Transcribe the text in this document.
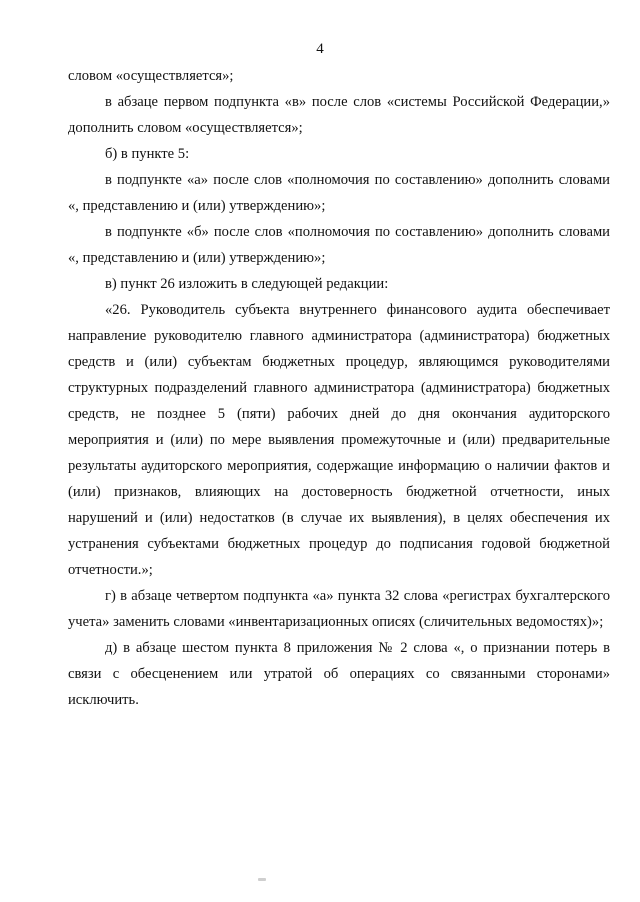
4

словом «осуществляется»;

в абзаце первом подпункта «в» после слов «системы Российской Федерации,» дополнить словом «осуществляется»;

б) в пункте 5:

в подпункте «а» после слов «полномочия по составлению» дополнить словами «, представлению и (или) утверждению»;

в подпункте «б» после слов «полномочия по составлению» дополнить словами «, представлению и (или) утверждению»;

в) пункт 26 изложить в следующей редакции:

«26. Руководитель субъекта внутреннего финансового аудита обеспечивает направление руководителю главного администратора (администратора) бюджетных средств и (или) субъектам бюджетных процедур, являющимся руководителями структурных подразделений главного администратора (администратора) бюджетных средств, не позднее 5 (пяти) рабочих дней до дня окончания аудиторского мероприятия и (или) по мере выявления промежуточные и (или) предварительные результаты аудиторского мероприятия, содержащие информацию о наличии фактов и (или) признаков, влияющих на достоверность бюджетной отчетности, иных нарушений и (или) недостатков (в случае их выявления), в целях обеспечения их устранения субъектами бюджетных процедур до подписания годовой бюджетной отчетности.»;

г) в абзаце четвертом подпункта «а» пункта 32 слова «регистрах бухгалтерского учета» заменить словами «инвентаризационных описях (сличительных ведомостях)»;

д) в абзаце шестом пункта 8 приложения № 2 слова «, о признании потерь в связи с обесценением или утратой об операциях со связанными сторонами» исключить.
